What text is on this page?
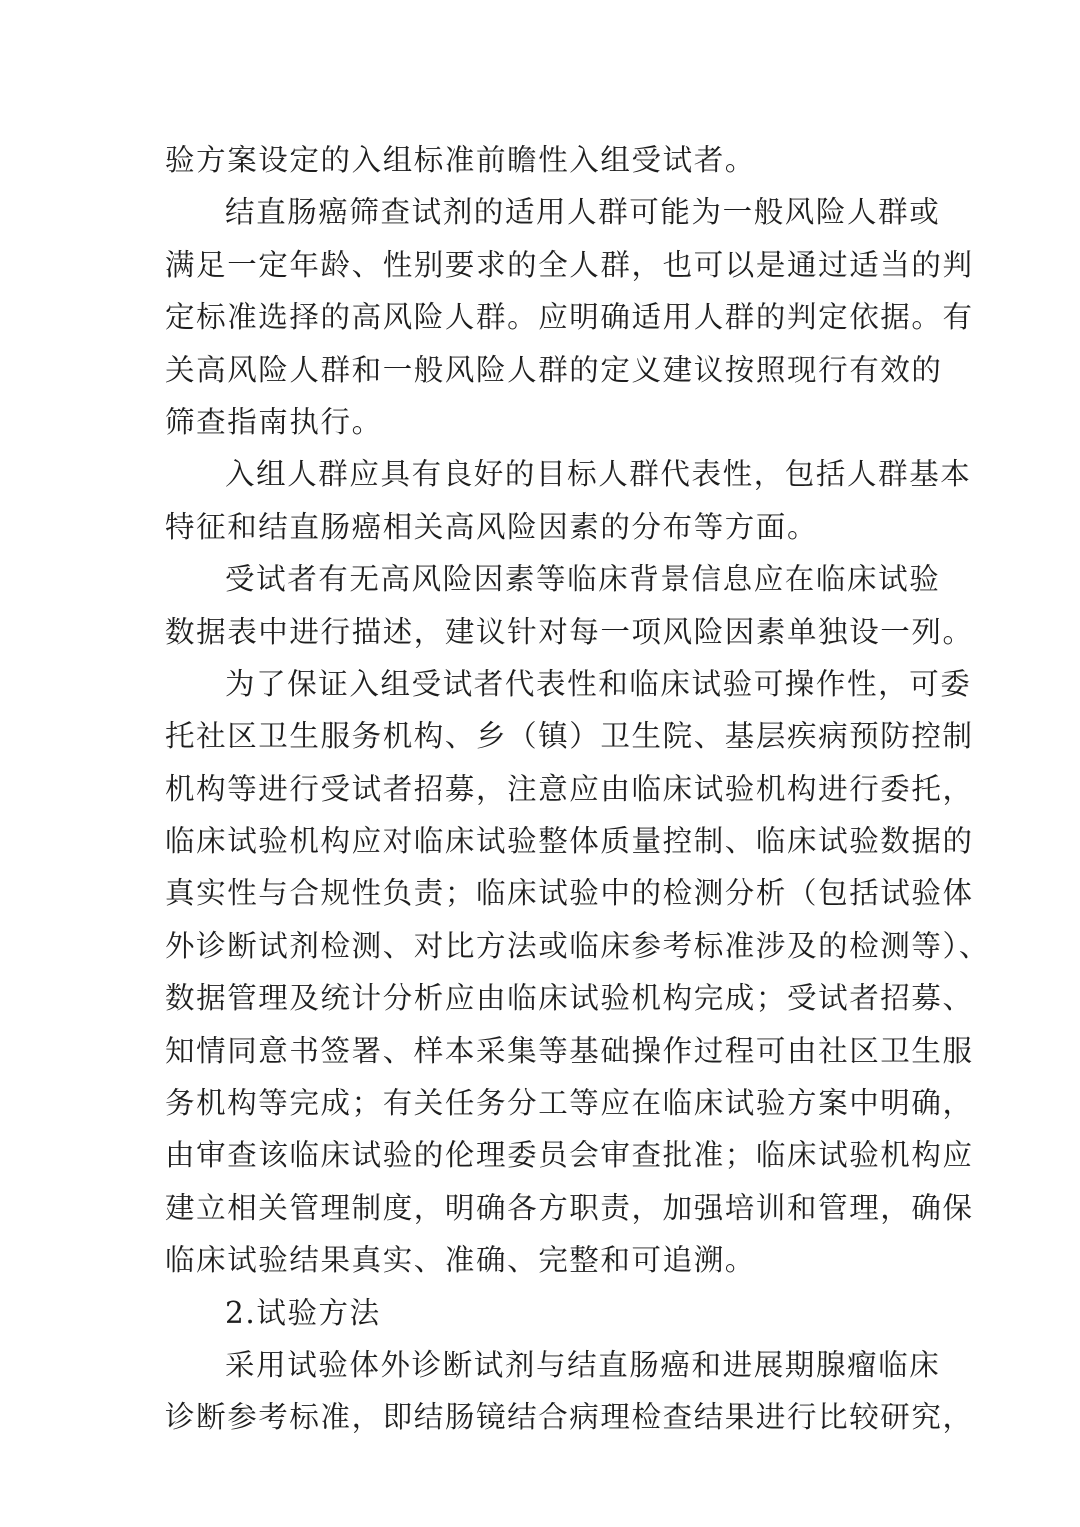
验方案设定的入组标准前瞻性入组受试者。
结直肠癌筛查试剂的适用人群可能为一般风险人群或
满足一定年龄、性别要求的全人群，也可以是通过适当的判
定标准选择的高风险人群。应明确适用人群的判定依据。有
关高风险人群和一般风险人群的定义建议按照现行有效的
筛查指南执行。
入组人群应具有良好的目标人群代表性，包括人群基本
特征和结直肠癌相关高风险因素的分布等方面。
受试者有无高风险因素等临床背景信息应在临床试验
数据表中进行描述，建议针对每一项风险因素单独设一列。
为了保证入组受试者代表性和临床试验可操作性，可委
托社区卫生服务机构、乡（镇）卫生院、基层疾病预防控制
机构等进行受试者招募，注意应由临床试验机构进行委托，
临床试验机构应对临床试验整体质量控制、临床试验数据的
真实性与合规性负责；临床试验中的检测分析（包括试验体
外诊断试剂检测、对比方法或临床参考标准涉及的检测等）、
数据管理及统计分析应由临床试验机构完成；受试者招募、
知情同意书签署、样本采集等基础操作过程可由社区卫生服
务机构等完成；有关任务分工等应在临床试验方案中明确，
由审查该临床试验的伦理委员会审查批准；临床试验机构应
建立相关管理制度，明确各方职责，加强培训和管理，确保
临床试验结果真实、准确、完整和可追溯。
2.试验方法
采用试验体外诊断试剂与结直肠癌和进展期腺瘤临床
诊断参考标准，即结肠镜结合病理检查结果进行比较研究，
